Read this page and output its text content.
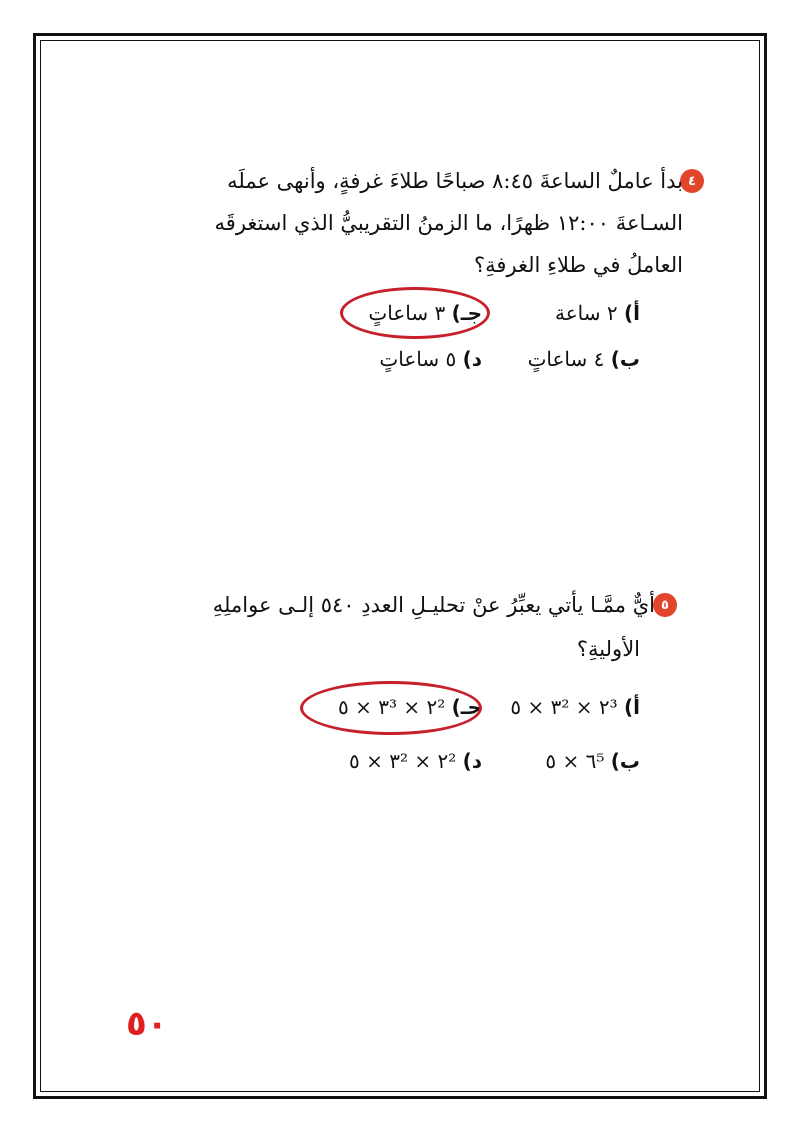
٤
بدأ عاملٌ الساعةَ ٨:٤٥ صباحًا طلاءَ غرفةٍ، وأنهى عملَه
السـاعةَ ١٢:٠٠ ظهرًا، ما الزمنُ التقريبيُّ الذي استغرقَه
العاملُ في طلاءِ الغرفةِ؟
أ) ٢ ساعة
جـ) ٣ ساعاتٍ
ب) ٤ ساعاتٍ
د) ٥ ساعاتٍ
٥
أيٌّ ممَّـا يأتي يعبِّرُ عنْ تحليـلِ العددِ ٥٤٠ إلـى عواملِهِ
الأوليةِ؟
أ) ٢³ × ٣² × ٥
جـ) ٢² × ٣³ × ٥
ب) ٦⁵ × ٥
د) ٢² × ٣² × ٥
٥٠
